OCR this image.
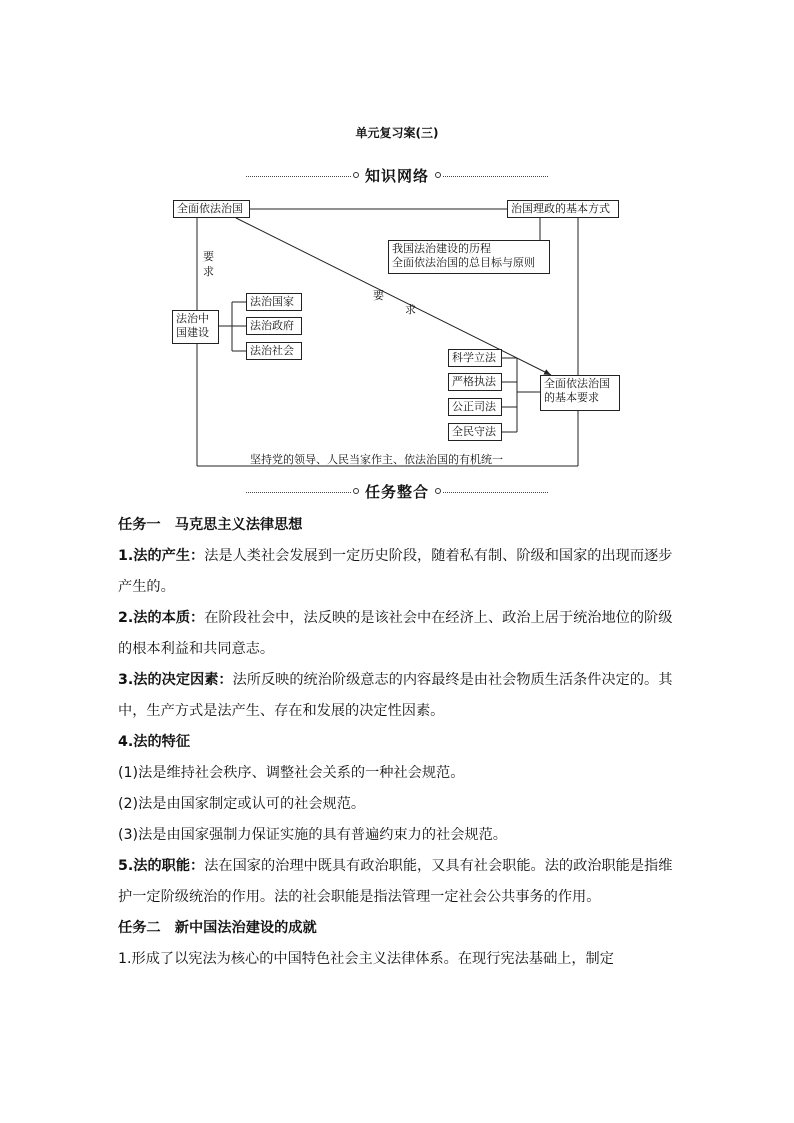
单元复习案(三)
知识网络
全面依法治国	治国理政的基本方式
我国法治建设的历程
全面依法治国的总目标与原则
要求
要
求
法治中
国建设
法治国家
法治政府
法治社会
科学立法
严格执法
公正司法
全民守法
全面依法治国
的基本要求
坚持党的领导、人民当家作主、依法治国的有机统一
任务整合

任务一　马克思主义法律思想

1.法的产生：法是人类社会发展到一定历史阶段，随着私有制、阶级和国家的出现而逐步产生的。

2.法的本质：在阶段社会中，法反映的是该社会中在经济上、政治上居于统治地位的阶级的根本利益和共同意志。

3.法的决定因素：法所反映的统治阶级意志的内容最终是由社会物质生活条件决定的。其中，生产方式是法产生、存在和发展的决定性因素。

4.法的特征

(1)法是维持社会秩序、调整社会关系的一种社会规范。

(2)法是由国家制定或认可的社会规范。

(3)法是由国家强制力保证实施的具有普遍约束力的社会规范。

5.法的职能：法在国家的治理中既具有政治职能，又具有社会职能。法的政治职能是指维护一定阶级统治的作用。法的社会职能是指法管理一定社会公共事务的作用。

任务二　新中国法治建设的成就

1.形成了以宪法为核心的中国特色社会主义法律体系。在现行宪法基础上，制定
